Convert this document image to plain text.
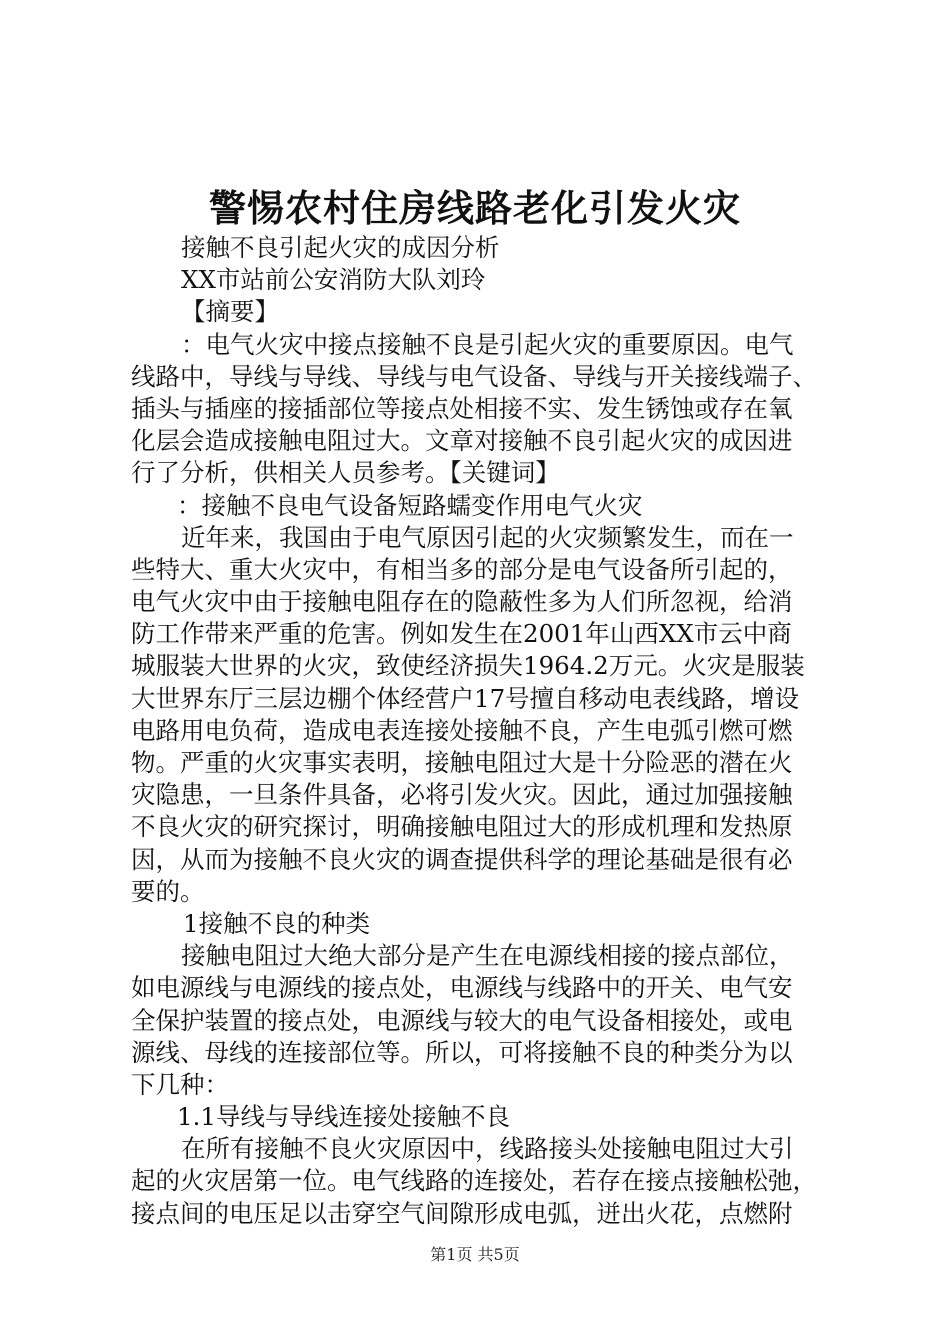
警惕农村住房线路老化引发火灾
接触不良引起火灾的成因分析
XX市站前公安消防大队刘玲
【摘要】
：电气火灾中接点接触不良是引起火灾的重要原因。电气
线路中，导线与导线、导线与电气设备、导线与开关接线端子、
插头与插座的接插部位等接点处相接不实、发生锈蚀或存在氧
化层会造成接触电阻过大。文章对接触不良引起火灾的成因进
行了分析，供相关人员参考。【关键词】
：接触不良电气设备短路蠕变作用电气火灾
近年来，我国由于电气原因引起的火灾频繁发生，而在一
些特大、重大火灾中，有相当多的部分是电气设备所引起的，
电气火灾中由于接触电阻存在的隐蔽性多为人们所忽视，给消
防工作带来严重的危害。例如发生在2001年山西XX市云中商
城服装大世界的火灾，致使经济损失1964.2万元。火灾是服装
大世界东厅三层边棚个体经营户17号擅自移动电表线路，增设
电路用电负荷，造成电表连接处接触不良，产生电弧引燃可燃
物。严重的火灾事实表明，接触电阻过大是十分险恶的潜在火
灾隐患，一旦条件具备，必将引发火灾。因此，通过加强接触
不良火灾的研究探讨，明确接触电阻过大的形成机理和发热原
因，从而为接触不良火灾的调查提供科学的理论基础是很有必
要的。
1接触不良的种类
接触电阻过大绝大部分是产生在电源线相接的接点部位，
如电源线与电源线的接点处，电源线与线路中的开关、电气安
全保护装置的接点处，电源线与较大的电气设备相接处，或电
源线、母线的连接部位等。所以，可将接触不良的种类分为以
下几种：
1.1导线与导线连接处接触不良
在所有接触不良火灾原因中，线路接头处接触电阻过大引
起的火灾居第一位。电气线路的连接处，若存在接点接触松弛，
接点间的电压足以击穿空气间隙形成电弧，迸出火花，点燃附
第1页 共5页
